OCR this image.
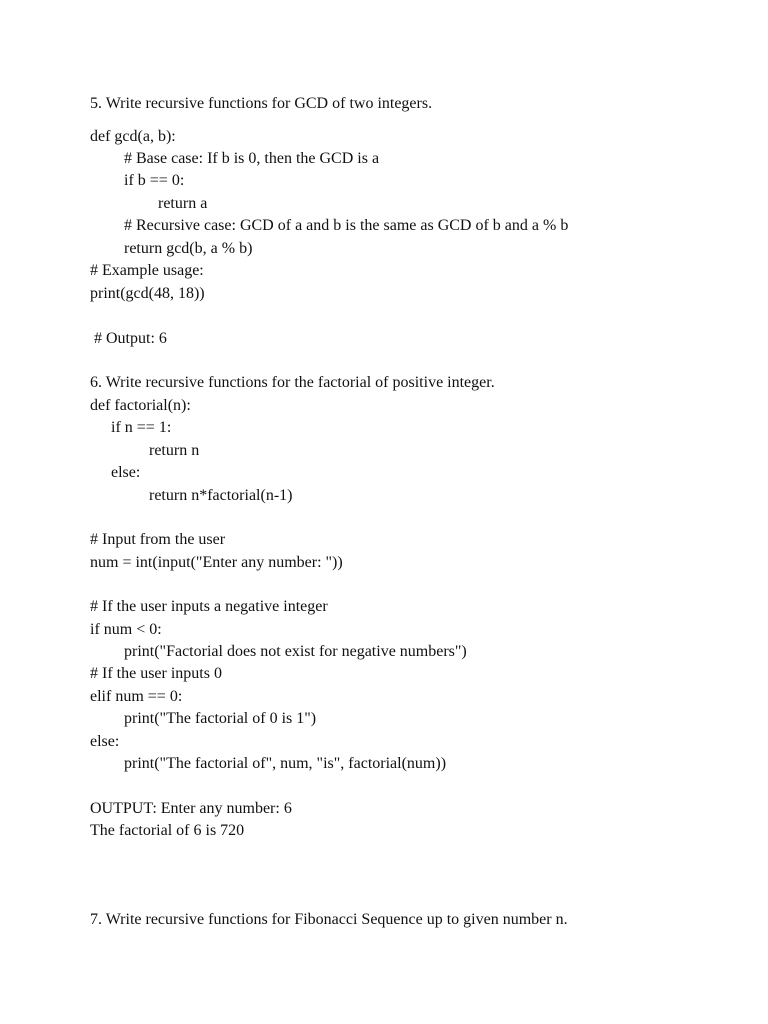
5. Write recursive functions for GCD of two integers.

def gcd(a, b):

# Base case: If b is 0, then the GCD is a

if b == 0:

return a

# Recursive case: GCD of a and b is the same as GCD of b and a % b

return gcd(b, a % b)

# Example usage:

print(gcd(48, 18))

# Output: 6

6. Write recursive functions for the factorial of positive integer.

def factorial(n):

if n == 1:

return n

else:

return n*factorial(n-1)

# Input from the user

num = int(input("Enter any number: "))

# If the user inputs a negative integer

if num < 0:

print("Factorial does not exist for negative numbers")

# If the user inputs 0

elif num == 0:

print("The factorial of 0 is 1")

else:

print("The factorial of", num, "is", factorial(num))

OUTPUT: Enter any number: 6

The factorial of 6 is 720

7. Write recursive functions for Fibonacci Sequence up to given number n.
